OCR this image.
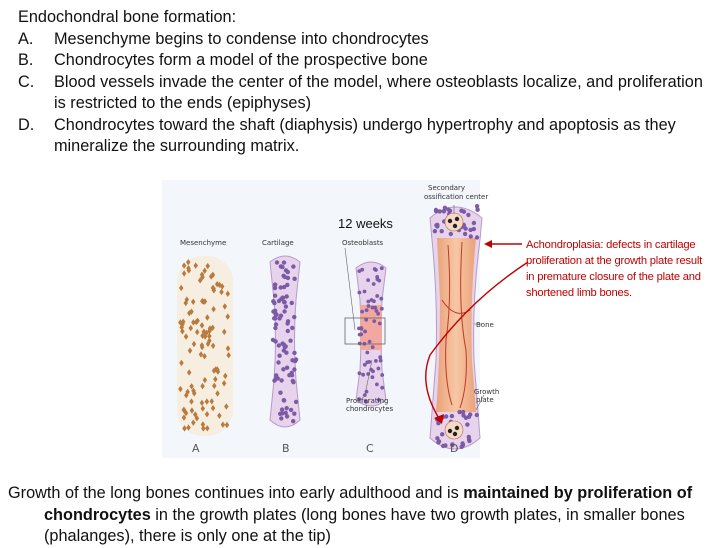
Endochondral bone formation:

A. Mesenchyme begins to condense into chondrocytes

B. Chondrocytes form a model of the prospective bone

C. Blood vessels invade the center of the model, where osteoblasts localize, and proliferation is restricted to the ends (epiphyses)

D. Chondrocytes toward the shaft (diaphysis) undergo hypertrophy and apoptosis as they mineralize the surrounding matrix.

Mesenchyme	Cartilage	Osteoblasts
Secondary
ossification center
Bone
Proliferating
chondrocytes
Growth
plate
A	B	C	D
12 weeks
Achondroplasia: defects in cartilage proliferation at the growth plate result in premature closure of the plate and shortened limb bones.

Growth of the long bones continues into early adulthood and is maintained by proliferation of chondrocytes in the growth plates (long bones have two growth plates, in smaller bones (phalanges), there is only one at the tip)
